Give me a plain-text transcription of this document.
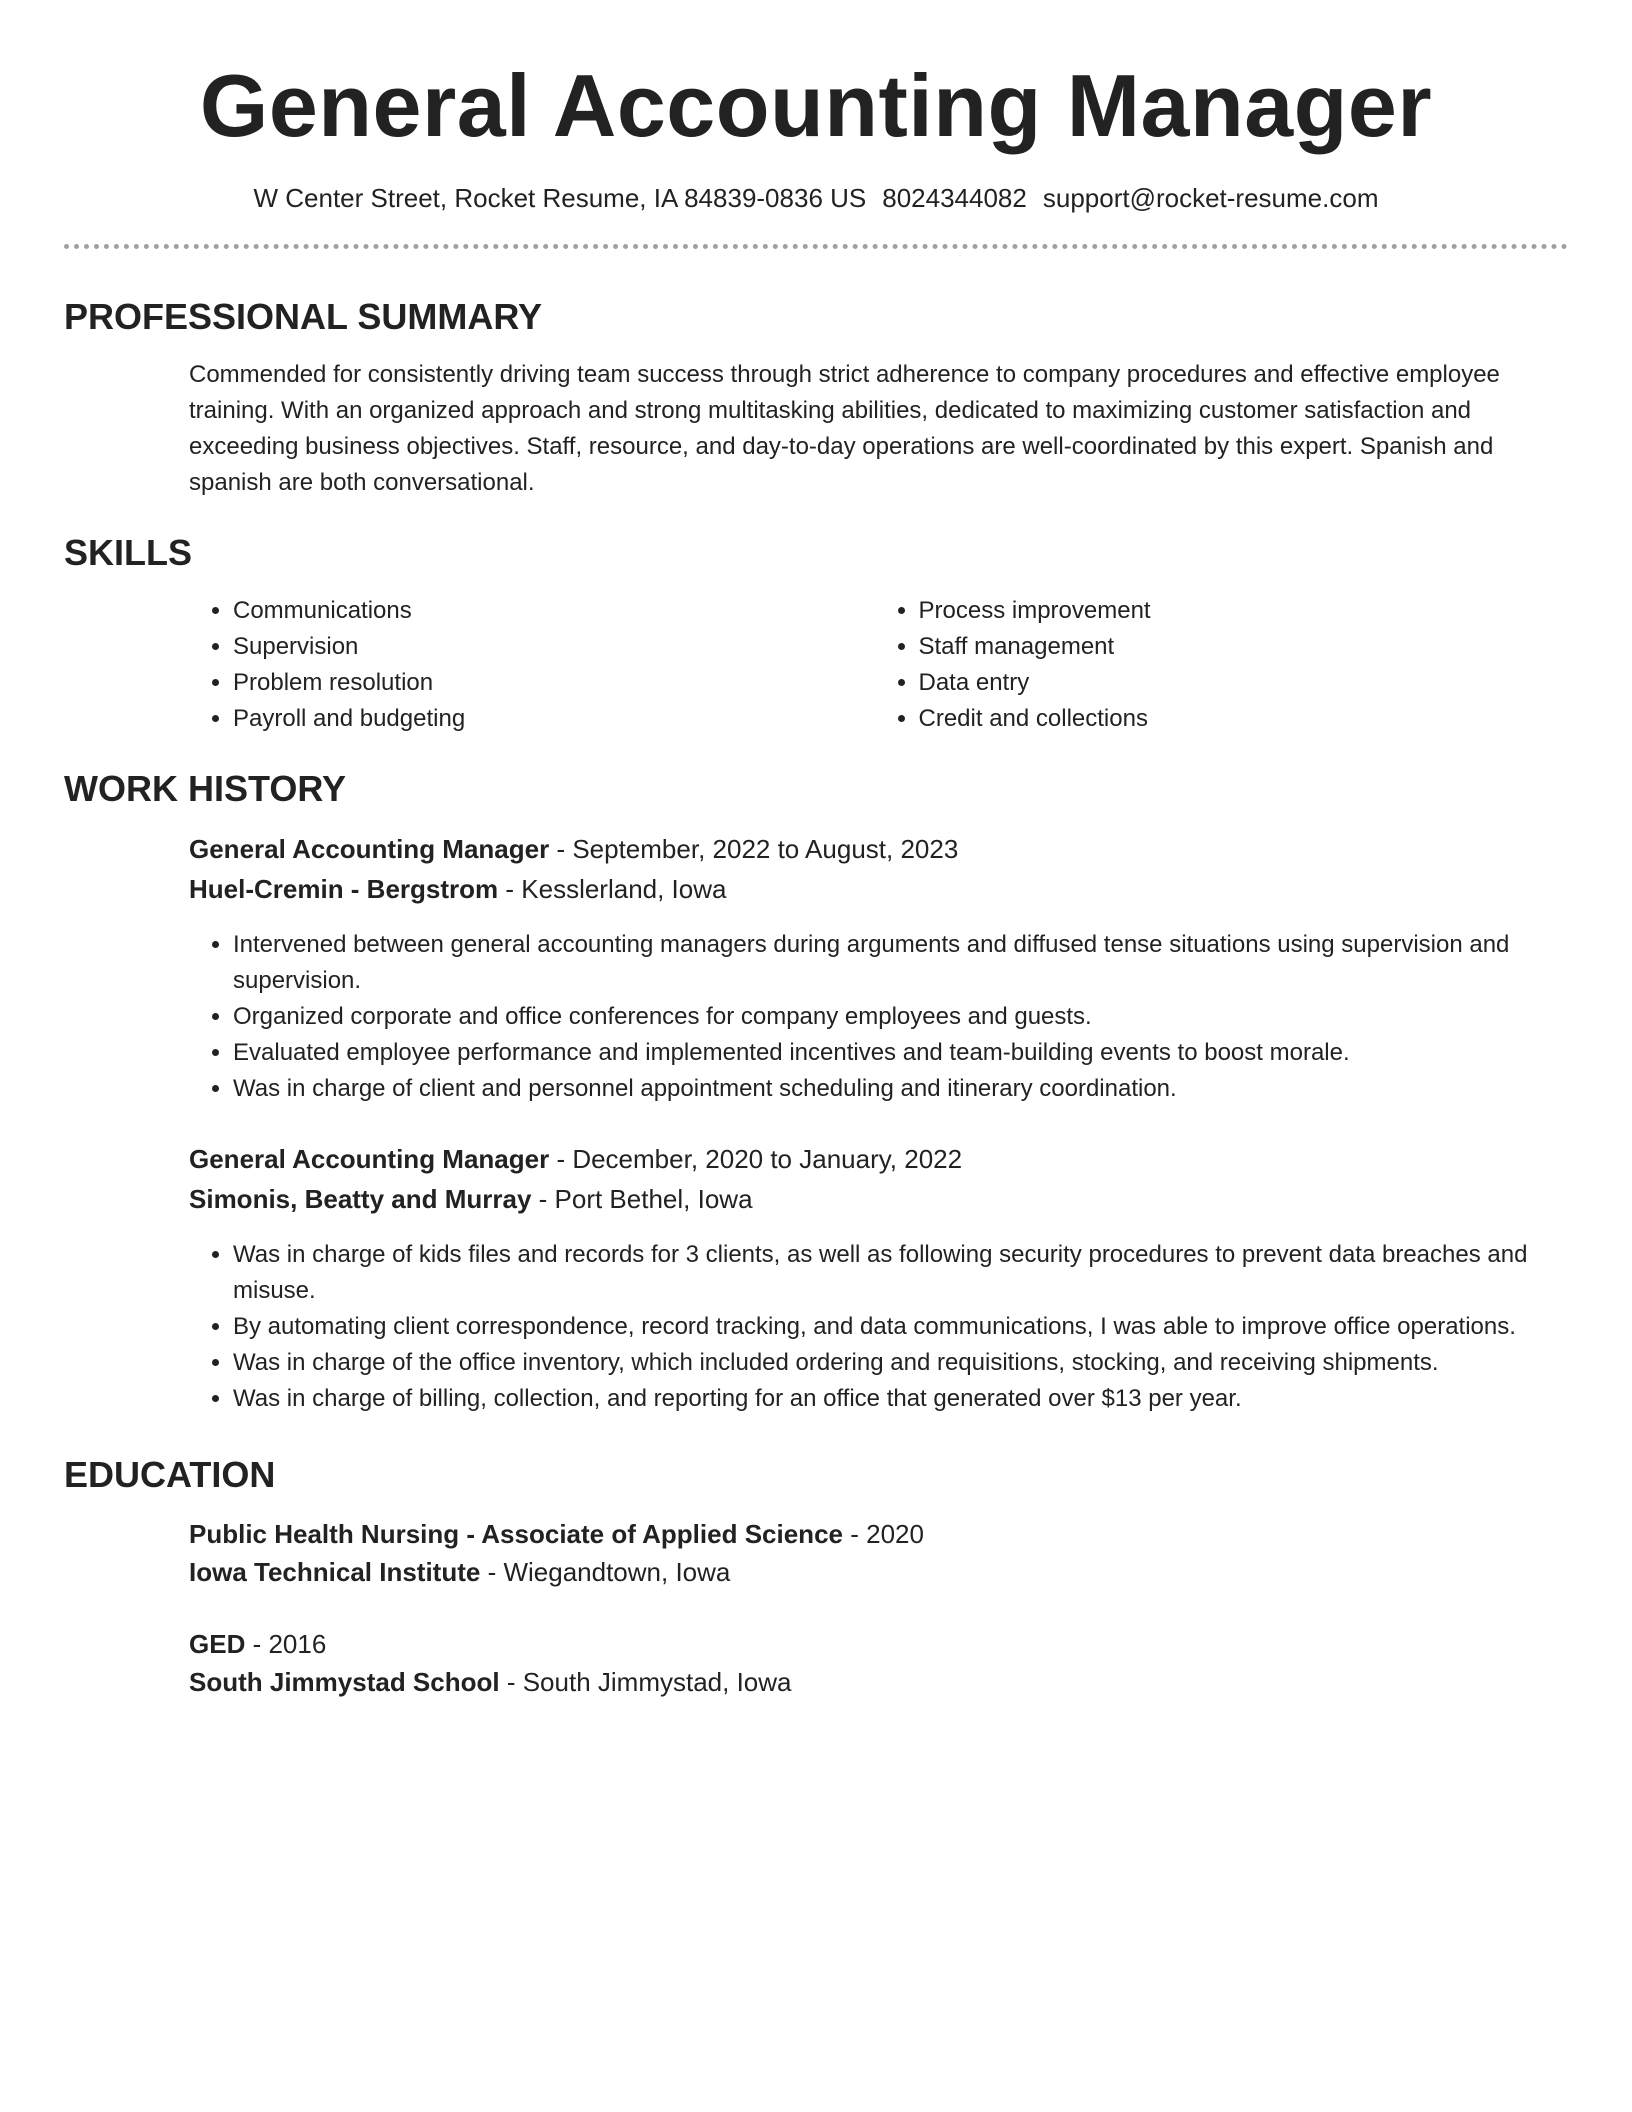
General Accounting Manager
W Center Street, Rocket Resume, IA 84839-0836 US 8024344082 support@rocket-resume.com
PROFESSIONAL SUMMARY

Commended for consistently driving team success through strict adherence to company procedures and effective employee training. With an organized approach and strong multitasking abilities, dedicated to maximizing customer satisfaction and exceeding business objectives. Staff, resource, and day-to-day operations are well-coordinated by this expert. Spanish and spanish are both conversational.

SKILLS
• Communications
• Supervision
• Problem resolution
• Payroll and budgeting
• Process improvement
• Staff management
• Data entry
• Credit and collections
WORK HISTORY
General Accounting Manager - September, 2022 to August, 2023
Huel-Cremin - Bergstrom - Kesslerland, Iowa
• Intervened between general accounting managers during arguments and diffused tense situations using supervision and supervision.
• Organized corporate and office conferences for company employees and guests.
• Evaluated employee performance and implemented incentives and team-building events to boost morale.
• Was in charge of client and personnel appointment scheduling and itinerary coordination.
General Accounting Manager - December, 2020 to January, 2022
Simonis, Beatty and Murray - Port Bethel, Iowa
• Was in charge of kids files and records for 3 clients, as well as following security procedures to prevent data breaches and misuse.
• By automating client correspondence, record tracking, and data communications, I was able to improve office operations.
• Was in charge of the office inventory, which included ordering and requisitions, stocking, and receiving shipments.
• Was in charge of billing, collection, and reporting for an office that generated over $13 per year.
EDUCATION
Public Health Nursing - Associate of Applied Science - 2020
Iowa Technical Institute - Wiegandtown, Iowa
GED - 2016
South Jimmystad School - South Jimmystad, Iowa
